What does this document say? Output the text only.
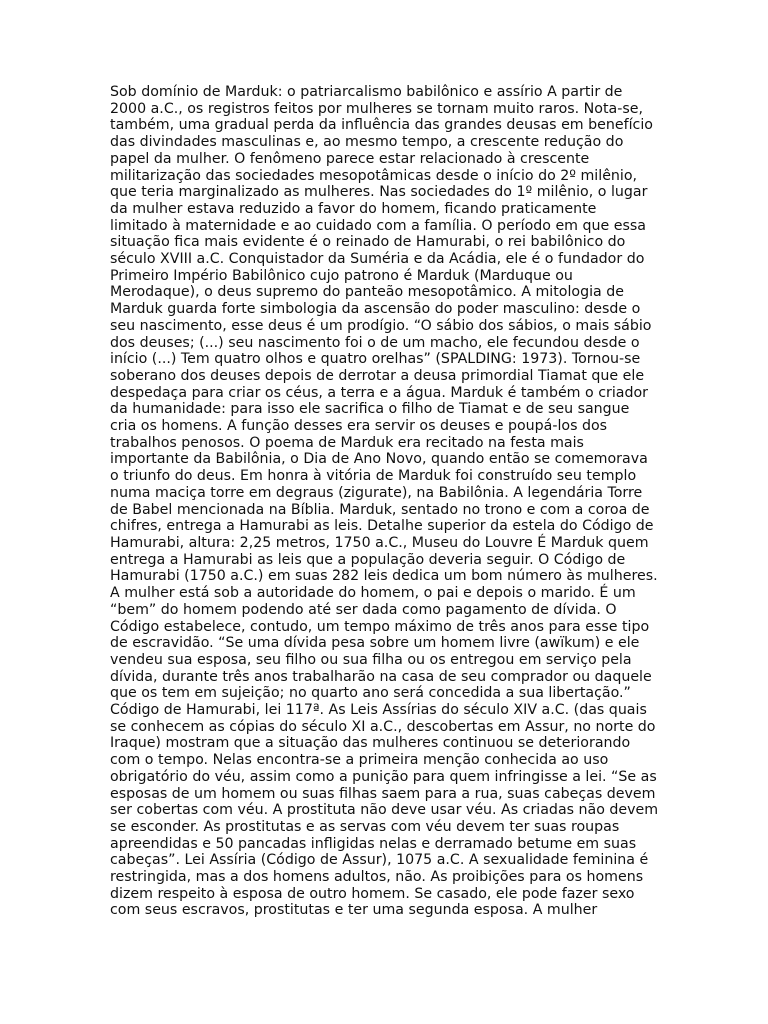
Sob domínio de Marduk: o patriarcalismo babilônico e assírio A partir de
2000 a.C., os registros feitos por mulheres se tornam muito raros. Nota-se,
também, uma gradual perda da influência das grandes deusas em benefício
das divindades masculinas e, ao mesmo tempo, a crescente redução do
papel da mulher. O fenômeno parece estar relacionado à crescente
militarização das sociedades mesopotâmicas desde o início do 2º milênio,
que teria marginalizado as mulheres. Nas sociedades do 1º milênio, o lugar
da mulher estava reduzido a favor do homem, ficando praticamente
limitado à maternidade e ao cuidado com a família. O período em que essa
situação fica mais evidente é o reinado de Hamurabi, o rei babilônico do
século XVIII a.C. Conquistador da Suméria e da Acádia, ele é o fundador do
Primeiro Império Babilônico cujo patrono é Marduk (Marduque ou
Merodaque), o deus supremo do panteão mesopotâmico. A mitologia de
Marduk guarda forte simbologia da ascensão do poder masculino: desde o
seu nascimento, esse deus é um prodígio. “O sábio dos sábios, o mais sábio
dos deuses; (...) seu nascimento foi o de um macho, ele fecundou desde o
início (...) Tem quatro olhos e quatro orelhas” (SPALDING: 1973). Tornou-se
soberano dos deuses depois de derrotar a deusa primordial Tiamat que ele
despedaça para criar os céus, a terra e a água. Marduk é também o criador
da humanidade: para isso ele sacrifica o filho de Tiamat e de seu sangue
cria os homens. A função desses era servir os deuses e poupá-los dos
trabalhos penosos. O poema de Marduk era recitado na festa mais
importante da Babilônia, o Dia de Ano Novo, quando então se comemorava
o triunfo do deus. Em honra à vitória de Marduk foi construído seu templo
numa maciça torre em degraus (zigurate), na Babilônia. A legendária Torre
de Babel mencionada na Bíblia. Marduk, sentado no trono e com a coroa de
chifres, entrega a Hamurabi as leis. Detalhe superior da estela do Código de
Hamurabi, altura: 2,25 metros, 1750 a.C., Museu do Louvre É Marduk quem
entrega a Hamurabi as leis que a população deveria seguir. O Código de
Hamurabi (1750 a.C.) em suas 282 leis dedica um bom número às mulheres.
A mulher está sob a autoridade do homem, o pai e depois o marido. É um
“bem” do homem podendo até ser dada como pagamento de dívida. O
Código estabelece, contudo, um tempo máximo de três anos para esse tipo
de escravidão. “Se uma dívida pesa sobre um homem livre (awïkum) e ele
vendeu sua esposa, seu filho ou sua filha ou os entregou em serviço pela
dívida, durante três anos trabalharão na casa de seu comprador ou daquele
que os tem em sujeição; no quarto ano será concedida a sua libertação.”
Código de Hamurabi, lei 117ª. As Leis Assírias do século XIV a.C. (das quais
se conhecem as cópias do século XI a.C., descobertas em Assur, no norte do
Iraque) mostram que a situação das mulheres continuou se deteriorando
com o tempo. Nelas encontra-se a primeira menção conhecida ao uso
obrigatório do véu, assim como a punição para quem infringisse a lei. “Se as
esposas de um homem ou suas filhas saem para a rua, suas cabeças devem
ser cobertas com véu. A prostituta não deve usar véu. As criadas não devem
se esconder. As prostitutas e as servas com véu devem ter suas roupas
apreendidas e 50 pancadas infligidas nelas e derramado betume em suas
cabeças”. Lei Assíria (Código de Assur), 1075 a.C. A sexualidade feminina é
restringida, mas a dos homens adultos, não. As proibições para os homens
dizem respeito à esposa de outro homem. Se casado, ele pode fazer sexo
com seus escravos, prostitutas e ter uma segunda esposa. A mulher
